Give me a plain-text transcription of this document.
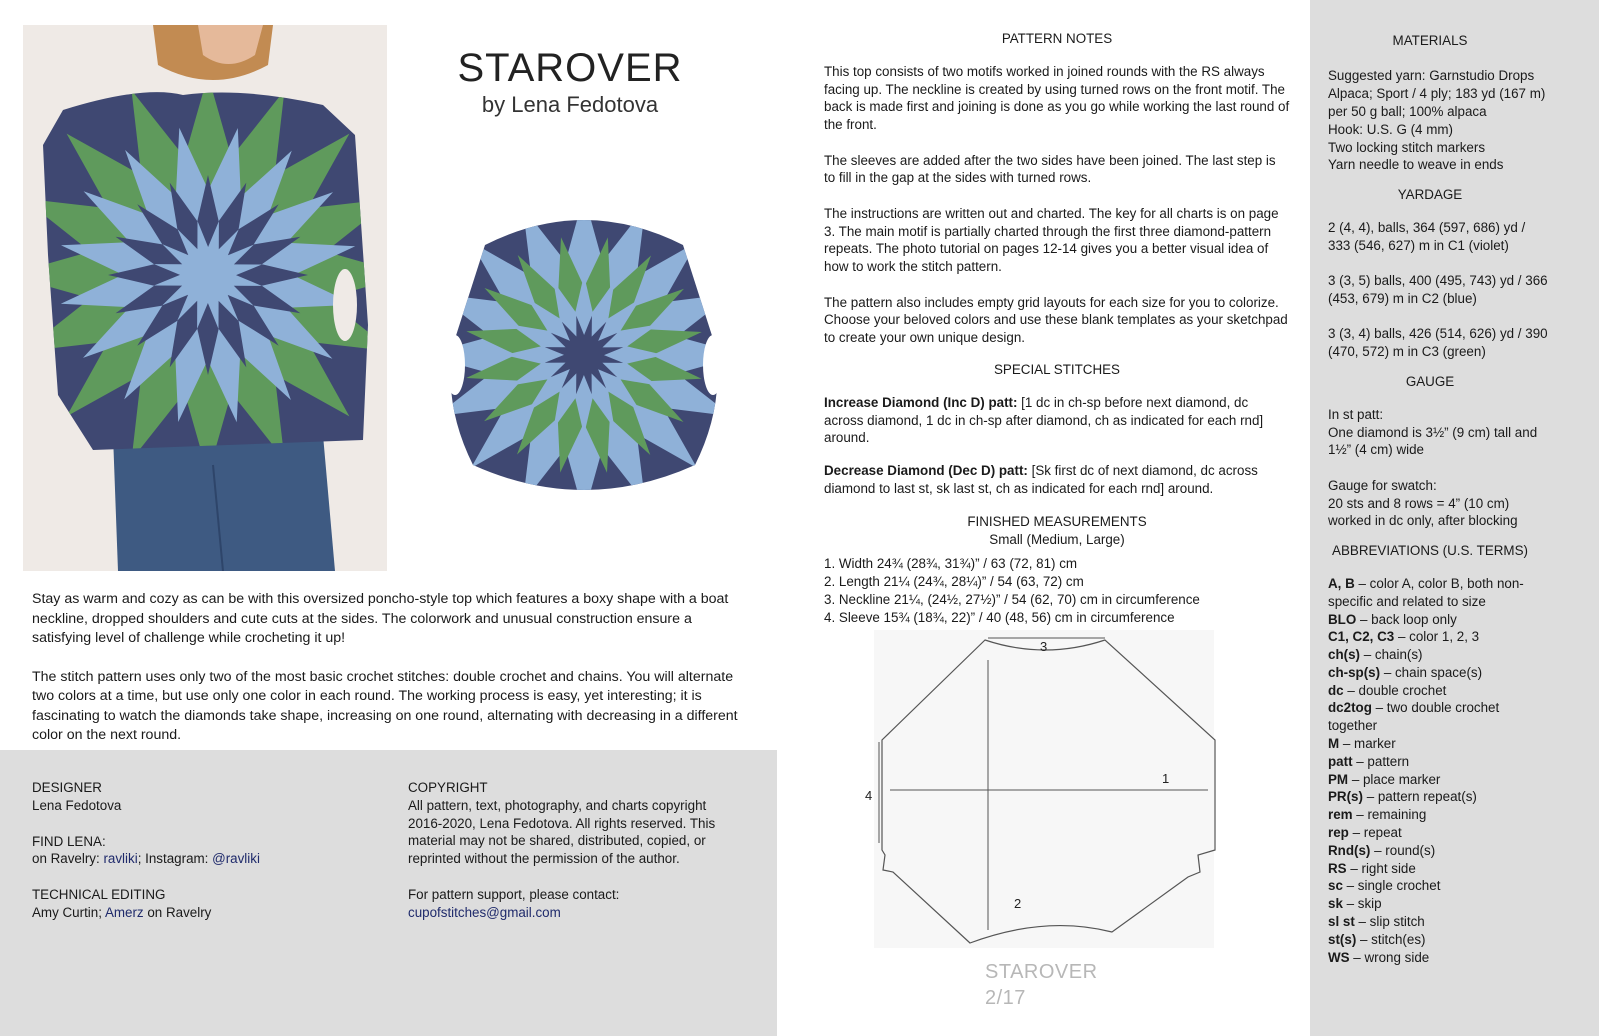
STAROVER
by Lena Fedotova

Stay as warm and cozy as can be with this oversized poncho-style top which features a boxy shape with a boat neckline, dropped shoulders and cute cuts at the sides. The colorwork and unusual construction ensure a satisfying level of challenge while crocheting it up!

The stitch pattern uses only two of the most basic crochet stitches: double crochet and chains. You will alternate two colors at a time, but use only one color in each round. The working process is easy, yet interesting; it is fascinating to watch the diamonds take shape, increasing on one round, alternating with decreasing in a different color on the next round.

DESIGNER
Lena Fedotova
FIND LENA:
on Ravelry: ravliki; Instagram: @ravliki
TECHNICAL EDITING
Amy Curtin; Amerz on Ravelry
COPYRIGHT
All pattern, text, photography, and charts copyright 2016-2020, Lena Fedotova. All rights reserved. This material may not be shared, distributed, copied, or reprinted without the permission of the author.
For pattern support, please contact:
cupofstitches@gmail.com
PATTERN NOTES

This top consists of two motifs worked in joined rounds with the RS always facing up. The neckline is created by using turned rows on the front motif. The back is made first and joining is done as you go while working the last round of the front.

The sleeves are added after the two sides have been joined. The last step is to fill in the gap at the sides with turned rows.

The instructions are written out and charted. The key for all charts is on page 3. The main motif is partially charted through the first three diamond-pattern repeats. The photo tutorial on pages 12-14 gives you a better visual idea of how to work the stitch pattern.

The pattern also includes empty grid layouts for each size for you to colorize. Choose your beloved colors and use these blank templates as your sketchpad to create your own unique design.

SPECIAL STITCHES

Increase Diamond (Inc D) patt: [1 dc in ch-sp before next diamond, dc across diamond, 1 dc in ch-sp after diamond, ch as indicated for each rnd] around.

Decrease Diamond (Dec D) patt: [Sk first dc of next diamond, dc across diamond to last st, sk last st, ch as indicated for each rnd] around.

FINISHED MEASUREMENTS
Small (Medium, Large)
1. Width 24¾ (28¾, 31¾)” / 63 (72, 81) cm
2. Length 21¼ (24¾, 28¼)” / 54 (63, 72) cm
3. Neckline 21¼, (24½, 27½)” / 54 (62, 70) cm in circumference
4. Sleeve 15¾ (18¾, 22)” / 40 (48, 56) cm in circumference
1
2
3
4
STAROVER 2/17
MATERIALS
Suggested yarn: Garnstudio Drops Alpaca; Sport / 4 ply; 183 yd (167 m) per 50 g ball; 100% alpaca
Hook: U.S. G (4 mm)
Two locking stitch markers
Yarn needle to weave in ends
YARDAGE
2 (4, 4), balls, 364 (597, 686) yd / 333 (546, 627) m in C1 (violet)
3 (3, 5) balls, 400 (495, 743) yd / 366 (453, 679) m in C2 (blue)
3 (3, 4) balls, 426 (514, 626) yd / 390 (470, 572) m in C3 (green)
GAUGE
In st patt:
One diamond is 3½” (9 cm) tall and 1½” (4 cm) wide
Gauge for swatch:
20 sts and 8 rows = 4” (10 cm) worked in dc only, after blocking
ABBREVIATIONS (U.S. TERMS)
A, B – color A, color B, both non-specific and related to size
BLO – back loop only
C1, C2, C3 – color 1, 2, 3
ch(s) – chain(s)
ch-sp(s) – chain space(s)
dc – double crochet
dc2tog – two double crochet together
M – marker
patt – pattern
PM – place marker
PR(s) – pattern repeat(s)
rem – remaining
rep – repeat
Rnd(s) – round(s)
RS – right side
sc – single crochet
sk – skip
sl st – slip stitch
st(s) – stitch(es)
WS – wrong side
